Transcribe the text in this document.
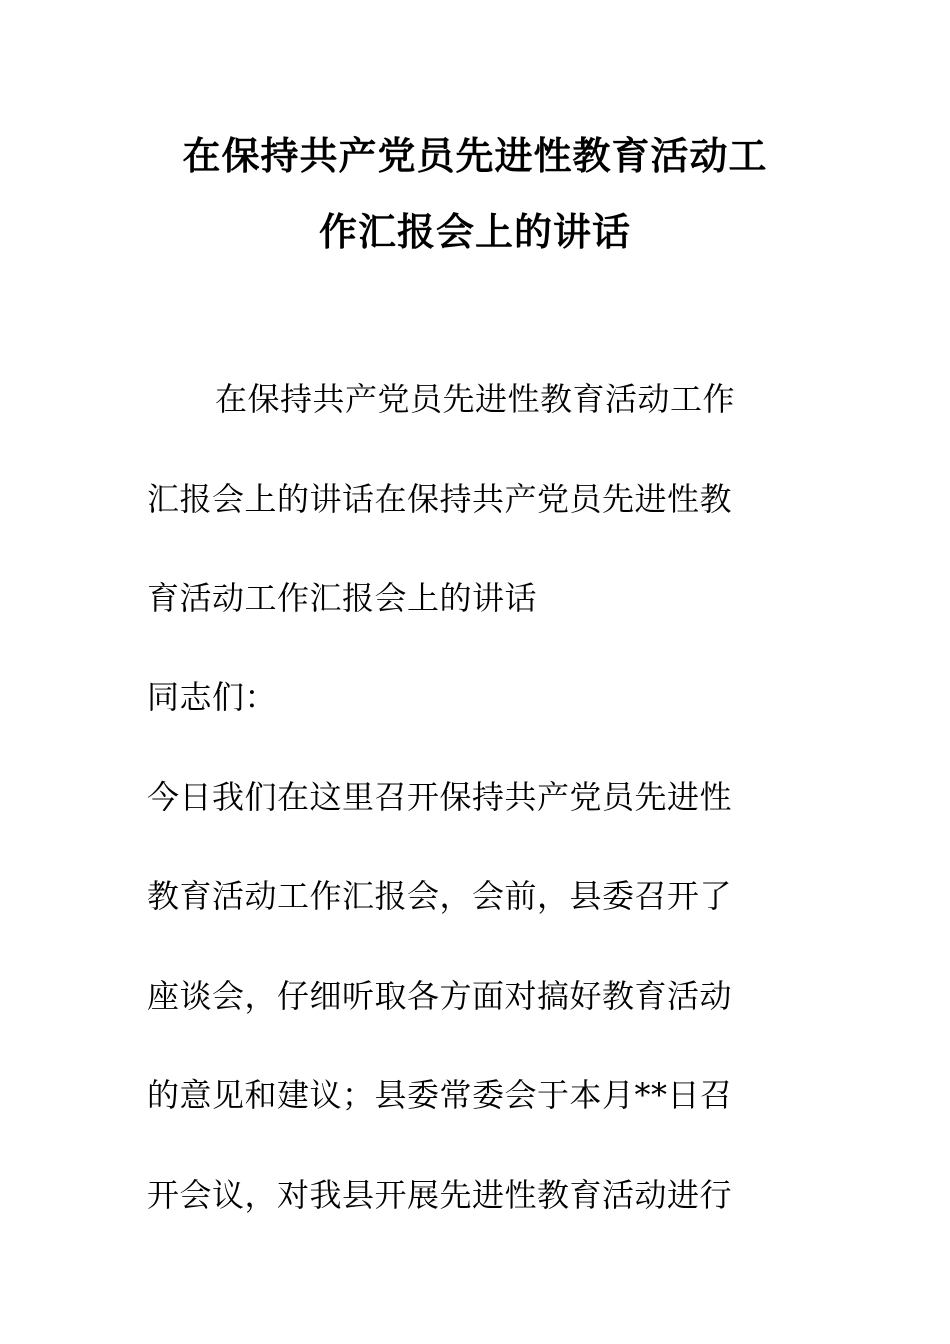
在保持共产党员先进性教育活动工
作汇报会上的讲话
在保持共产党员先进性教育活动工作
汇报会上的讲话在保持共产党员先进性教
育活动工作汇报会上的讲话
同志们：
今日我们在这里召开保持共产党员先进性
教育活动工作汇报会，会前，县委召开了
座谈会，仔细听取各方面对搞好教育活动
的意见和建议；县委常委会于本月**日召
开会议，对我县开展先进性教育活动进行
